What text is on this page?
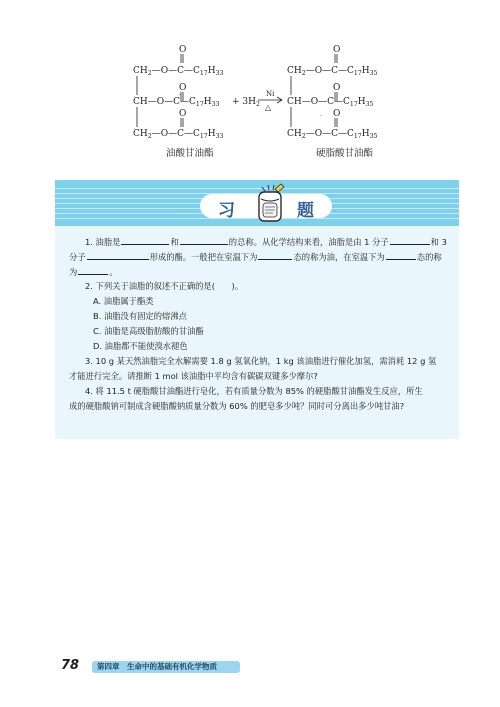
O
O
O
$CH_2—O—C—C_{17}H_{33}$
$CH—O—C—C_{17}H_{33}$
$CH_2—O—C—C_{17}H_{33}$
·
+ $3H_2$
Ni
△
O
O
O
$CH_2—O—C—C_{17}H_{35}$
$CH—O—C—C_{17}H_{35}$
$CH_2—O—C—C_{17}H_{35}$
·
油酸甘油酯	硬脂酸甘油酯
习	题
1. 油脂是	和	的总称。从化学结构来看，油脂是由 1 分子	和 3
分子	形成的酯。一般把在室温下为	态的称为油，在室温下为	态的称
为	。
2. 下列关于油脂的叙述不正确的是(　　)。
A. 油脂属于酯类
B. 油脂没有固定的熔沸点
C. 油脂是高级脂肪酸的甘油酯
D. 油脂都不能使溴水褪色
3. 10 g 某天然油脂完全水解需要 1.8 g 氢氧化钠，1 kg 该油脂进行催化加氢，需消耗 12 g 氢
才能进行完全。请推断 1 mol 该油脂中平均含有碳碳双键多少摩尔?
4. 将 11.5 t 硬脂酸甘油酯进行皂化，若有质量分数为 85% 的硬脂酸甘油酯发生反应，所生
成的硬脂酸钠可制成含硬脂酸钠质量分数为 60% 的肥皂多少吨？同时可分离出多少吨甘油?
78 第四章　生命中的基础有机化学物质
